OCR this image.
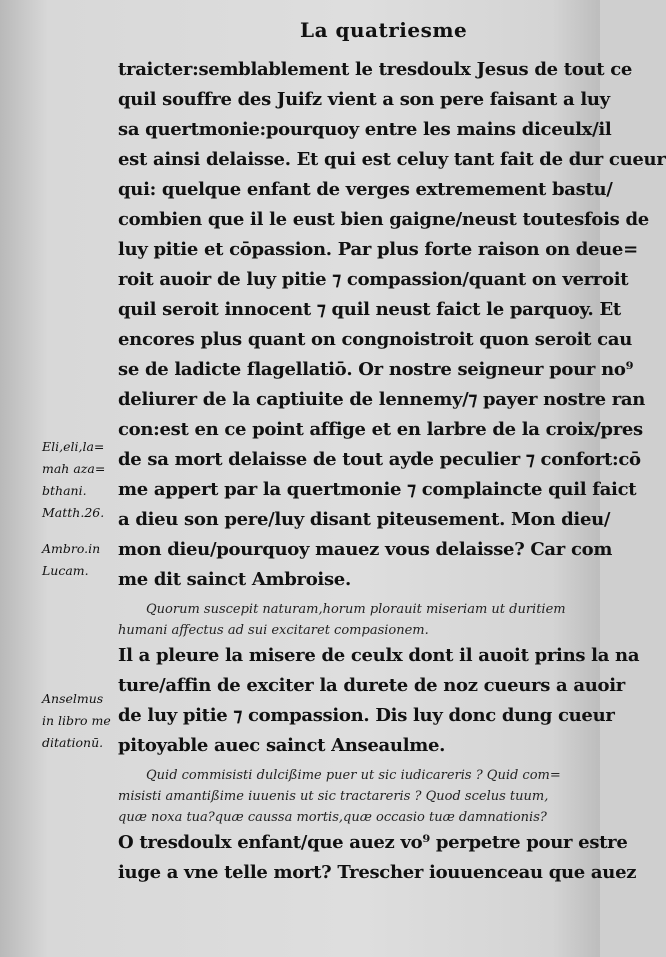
La quatriesme
traicter:semblablement le tresdoulx Jesus de tout ce
quil souffre des Juifz vient a son pere faisant a luy
sa quertmonie:pourquoy entre les mains diceulx/il
est ainsi delaisse. Et qui est celuy tant fait de dur cueur
qui: quelque enfant de verges extremement bastu/
combien que il le eust bien gaigne/neust toutesfois de
luy pitie et cōpassion. Par plus forte raison on deue=
roit auoir de luy pitie ⁊ compassion/quant on verroit
quil seroit innocent ⁊ quil neust faict le parquoy. Et
encores plus quant on congnoistroit quon seroit cau
se de ladicte flagellatiō. Or nostre seigneur pour no⁹
deliurer de la captiuite de lennemy/⁊ payer nostre ran
con:est en ce point affige et en larbre de la croix/pres
de sa mort delaisse de tout ayde peculier ⁊ confort:cō
me appert par la quertmonie ⁊ complaincte quil faict
a dieu son pere/luy disant piteusement. Mon dieu/
mon dieu/pourquoy mauez vous delaisse? Car com
me dit sainct Ambroise.
Quorum suscepit naturam,horum plorauit miseriam ut duritiem
humani affectus ad sui excitaret compasionem.
Il a pleure la misere de ceulx dont il auoit prins la na
ture/affin de exciter la durete de noz cueurs a auoir
de luy pitie ⁊ compassion. Dis luy donc dung cueur
pitoyable auec sainct Anseaulme.
Quid commisisti dulcißime puer ut sic iudicareris ? Quid com=
misisti amantißime iuuenis ut sic tractareris ? Quod scelus tuum,
quæ noxa tua?quæ caussa mortis,quæ occasio tuæ damnationis?
O tresdoulx enfant/que auez vo⁹ perpetre pour estre
iuge a vne telle mort? Trescher iouuenceau que auez
Eli,eli,la=
mah aza=
bthani.
Matth.26.
Ambro.in
Lucam.
Anselmus
in libro me
ditationū.
